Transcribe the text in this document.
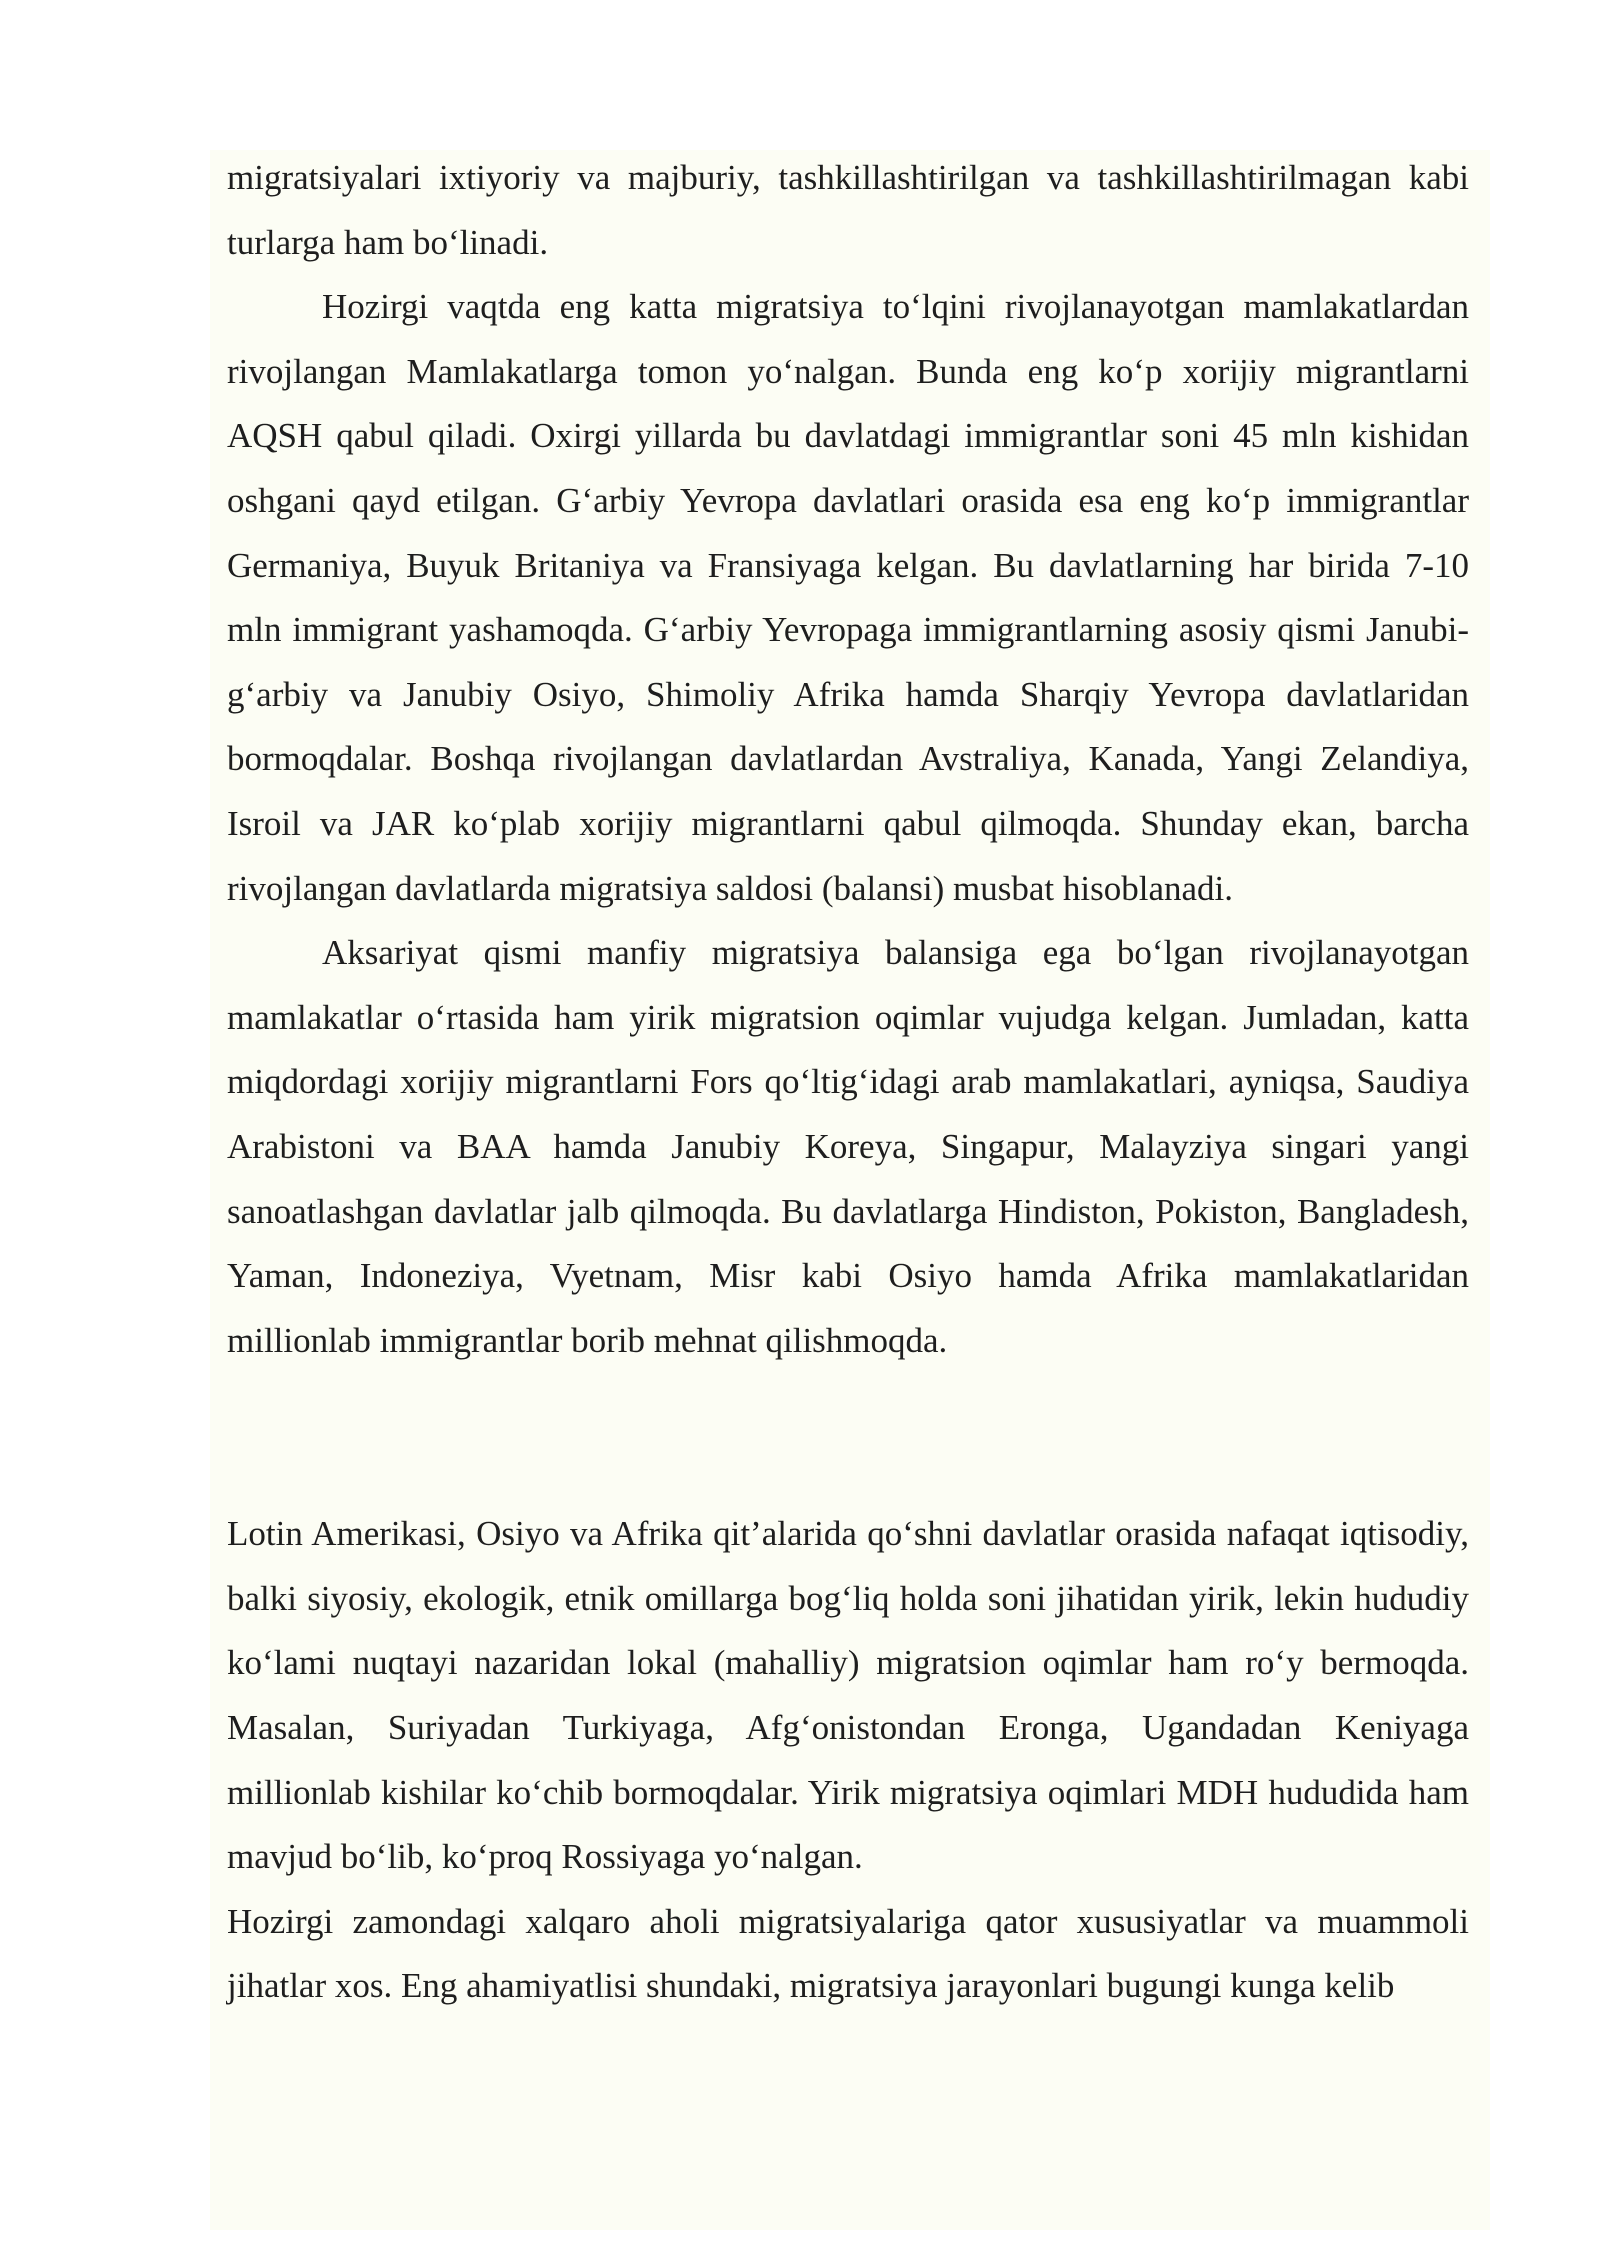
migratsiyalari ixtiyoriy va majburiy, tashkillashtirilgan va tashkillashtirilmagan kabi turlarga ham bo‘linadi.

Hozirgi vaqtda eng katta migratsiya to‘lqini rivojlanayotgan mamlakatlardan rivojlangan Mamlakatlarga tomon yo‘nalgan. Bunda eng ko‘p xorijiy migrantlarni AQSH qabul qiladi. Oxirgi yillarda bu davlatdagi immigrantlar soni 45 mln kishidan oshgani qayd etilgan. G‘arbiy Yevropa davlatlari orasida esa eng ko‘p immigrantlar Germaniya, Buyuk Britaniya va Fransiyaga kelgan. Bu davlatlarning har birida 7-10 mln immigrant yashamoqda. G‘arbiy Yevropaga immigrantlarning asosiy qismi Janubi-g‘arbiy va Janubiy Osiyo, Shimoliy Afrika hamda Sharqiy Yevropa davlatlaridan bormoqdalar. Boshqa rivojlangan davlatlardan Avstraliya, Kanada, Yangi Zelandiya, Isroil va JAR ko‘plab xorijiy migrantlarni qabul qilmoqda. Shunday ekan, barcha rivojlangan davlatlarda migratsiya saldosi (balansi) musbat hisoblanadi.

Aksariyat qismi manfiy migratsiya balansiga ega bo‘lgan rivojlanayotgan mamlakatlar o‘rtasida ham yirik migratsion oqimlar vujudga kelgan. Jumladan, katta miqdordagi xorijiy migrantlarni Fors qo‘ltig‘idagi arab mamlakatlari, ayniqsa, Saudiya Arabistoni va BAA hamda Janubiy Koreya, Singapur, Malayziya singari yangi sanoatlashgan davlatlar jalb qilmoqda. Bu davlatlarga Hindiston, Pokiston, Bangladesh, Yaman, Indoneziya, Vyetnam, Misr kabi Osiyo hamda Afrika mamlakatlaridan millionlab immigrantlar borib mehnat qilishmoqda.

Lotin Amerikasi, Osiyo va Afrika qit’alarida qo‘shni davlatlar orasida nafaqat iqtisodiy, balki siyosiy, ekologik, etnik omillarga bog‘liq holda soni jihatidan yirik, lekin hududiy ko‘lami nuqtayi nazaridan lokal (mahalliy) migratsion oqimlar ham ro‘y bermoqda. Masalan, Suriyadan Turkiyaga, Afg‘onistondan Eronga, Ugandadan Keniyaga millionlab kishilar ko‘chib bormoqdalar. Yirik migratsiya oqimlari MDH hududida ham mavjud bo‘lib, ko‘proq Rossiyaga yo‘nalgan.

Hozirgi zamondagi xalqaro aholi migratsiyalariga qator xususiyatlar va muammoli jihatlar xos. Eng ahamiyatlisi shundaki, migratsiya jarayonlari bugungi kunga kelib
